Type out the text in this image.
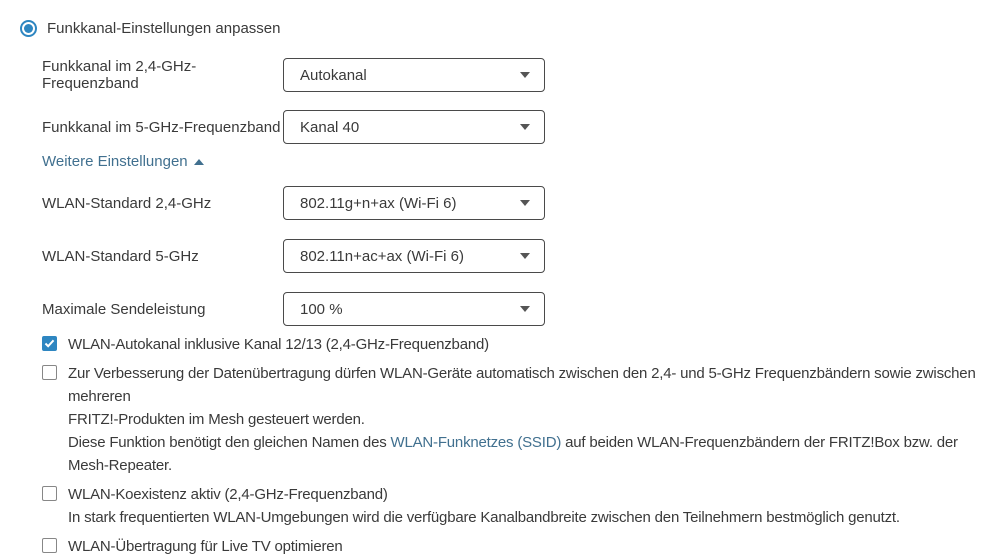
Funkkanal-Einstellungen anpassen
Funkkanal im 2,4-GHz-Frequenzband	Autokanal
Funkkanal im 5-GHz-Frequenzband Kanal 40
Weitere Einstellungen
WLAN-Standard 2,4-GHz	802.11g+n+ax (Wi-Fi 6)
WLAN-Standard 5-GHz	802.11n+ac+ax (Wi-Fi 6)
Maximale Sendeleistung	100 %
WLAN-Autokanal inklusive Kanal 12/13 (2,4-GHz-Frequenzband)
Zur Verbesserung der Datenübertragung dürfen WLAN-Geräte automatisch zwischen den 2,4- und 5-GHz Frequenzbändern sowie zwischen mehreren
FRITZ!-Produkten im Mesh gesteuert werden.
Diese Funktion benötigt den gleichen Namen des WLAN-Funknetzes (SSID) auf beiden WLAN-Frequenzbändern der FRITZ!Box bzw. der Mesh-Repeater.
WLAN-Koexistenz aktiv (2,4-GHz-Frequenzband)
In stark frequentierten WLAN-Umgebungen wird die verfügbare Kanalbandbreite zwischen den Teilnehmern bestmöglich genutzt.
WLAN-Übertragung für Live TV optimieren
